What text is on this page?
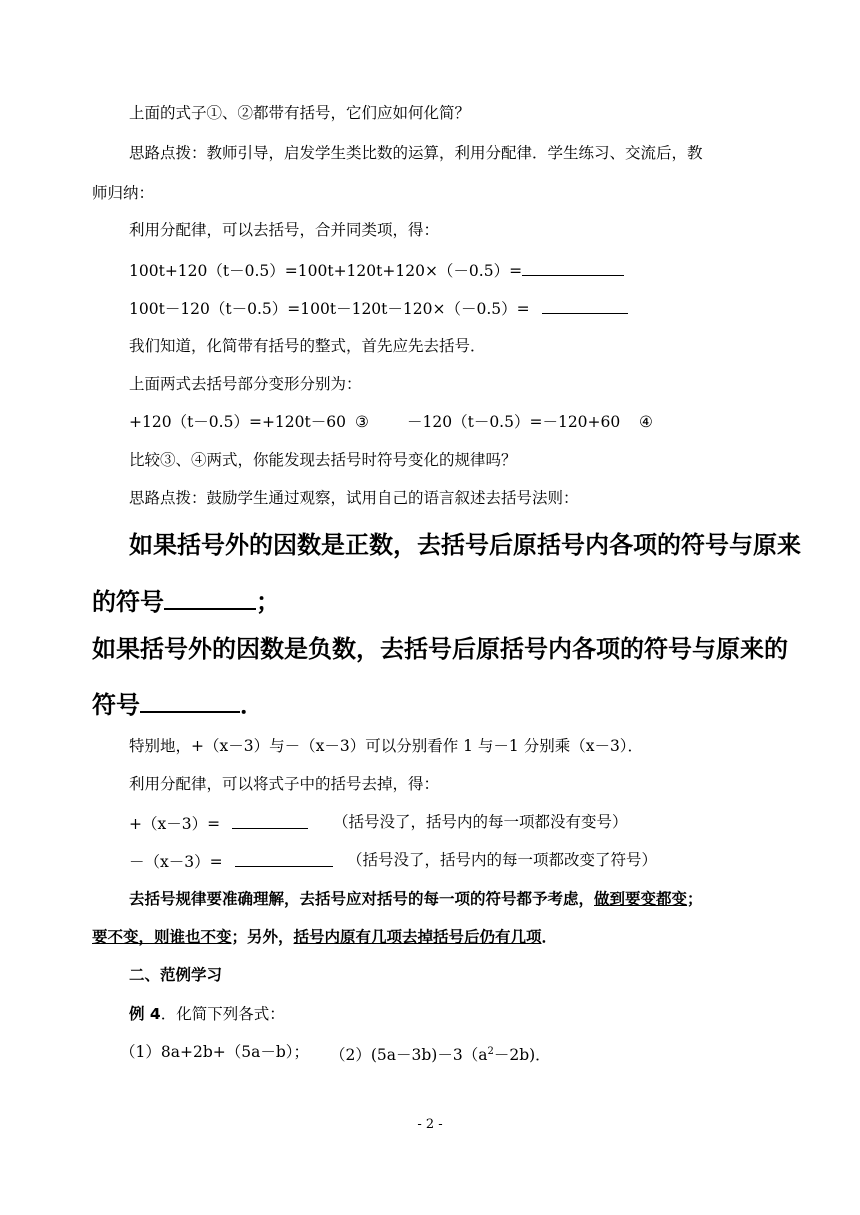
上面的式子①、②都带有括号，它们应如何化简？
思路点拨：教师引导，启发学生类比数的运算，利用分配律．学生练习、交流后，教
师归纳：
利用分配律，可以去括号，合并同类项，得：
100t+120（t－0.5）=100t+120t+120×（－0.5）=
100t－120（t－0.5）=100t－120t－120×（－0.5）=
我们知道，化简带有括号的整式，首先应先去括号．
上面两式去括号部分变形分别为：
+120（t－0.5）=+120t－60 ③ －120（t－0.5）=－120+60 ④
比较③、④两式，你能发现去括号时符号变化的规律吗？
思路点拨：鼓励学生通过观察，试用自己的语言叙述去括号法则：
如果括号外的因数是正数，去括号后原括号内各项的符号与原来
的符号	；
如果括号外的因数是负数，去括号后原括号内各项的符号与原来的
符号	．
特别地，+（x－3）与－（x－3）可以分别看作 1 与－1 分别乘（x－3）．
利用分配律，可以将式子中的括号去掉，得：
+（x－3）=	（括号没了，括号内的每一项都没有变号）
－（x－3）=	（括号没了，括号内的每一项都改变了符号）
去括号规律要准确理解，去括号应对括号的每一项的符号都予考虑，做到要变都变；
要不变，则谁也不变；另外，括号内原有几项去掉括号后仍有几项．
二、范例学习
例 4．化简下列各式：
（1）8a+2b+（5a－b）； $(2)(5a-3b)-3(a^2-2b)$．
- 2 -
